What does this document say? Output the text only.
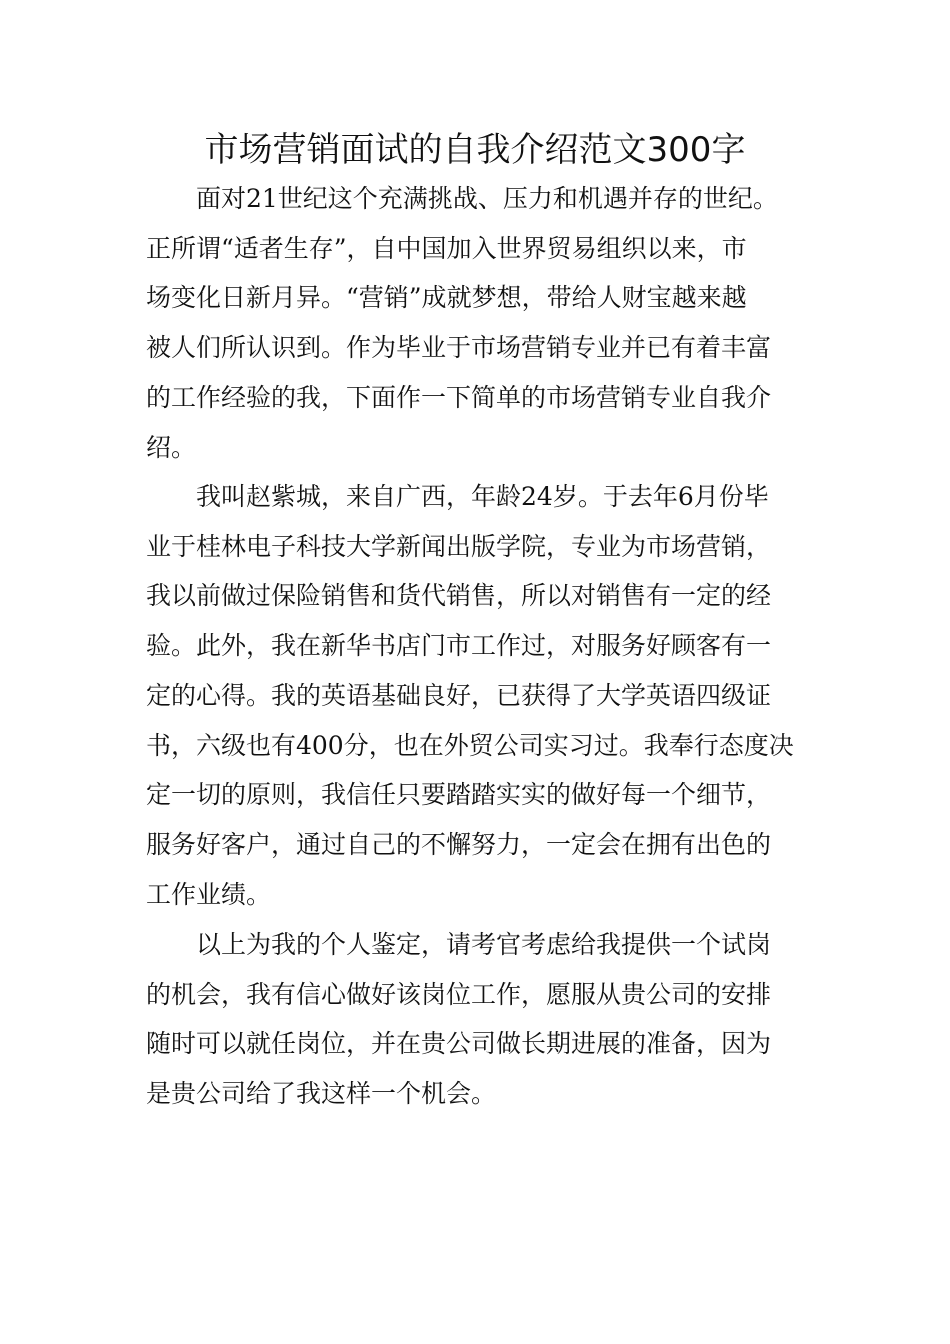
市场营销面试的自我介绍范文300字
　　面对21世纪这个充满挑战、压力和机遇并存的世纪。
正所谓“适者生存”，自中国加入世界贸易组织以来，市
场变化日新月异。“营销”成就梦想，带给人财宝越来越
被人们所认识到。作为毕业于市场营销专业并已有着丰富
的工作经验的我，下面作一下简单的市场营销专业自我介
绍。
　　我叫赵紫城，来自广西，年龄24岁。于去年6月份毕
业于桂林电子科技大学新闻出版学院，专业为市场营销，
我以前做过保险销售和货代销售，所以对销售有一定的经
验。此外，我在新华书店门市工作过，对服务好顾客有一
定的心得。我的英语基础良好，已获得了大学英语四级证
书，六级也有400分，也在外贸公司实习过。我奉行态度决
定一切的原则，我信任只要踏踏实实的做好每一个细节，
服务好客户，通过自己的不懈努力，一定会在拥有出色的
工作业绩。
　　以上为我的个人鉴定，请考官考虑给我提供一个试岗
的机会，我有信心做好该岗位工作，愿服从贵公司的安排
随时可以就任岗位，并在贵公司做长期进展的准备，因为
是贵公司给了我这样一个机会。
